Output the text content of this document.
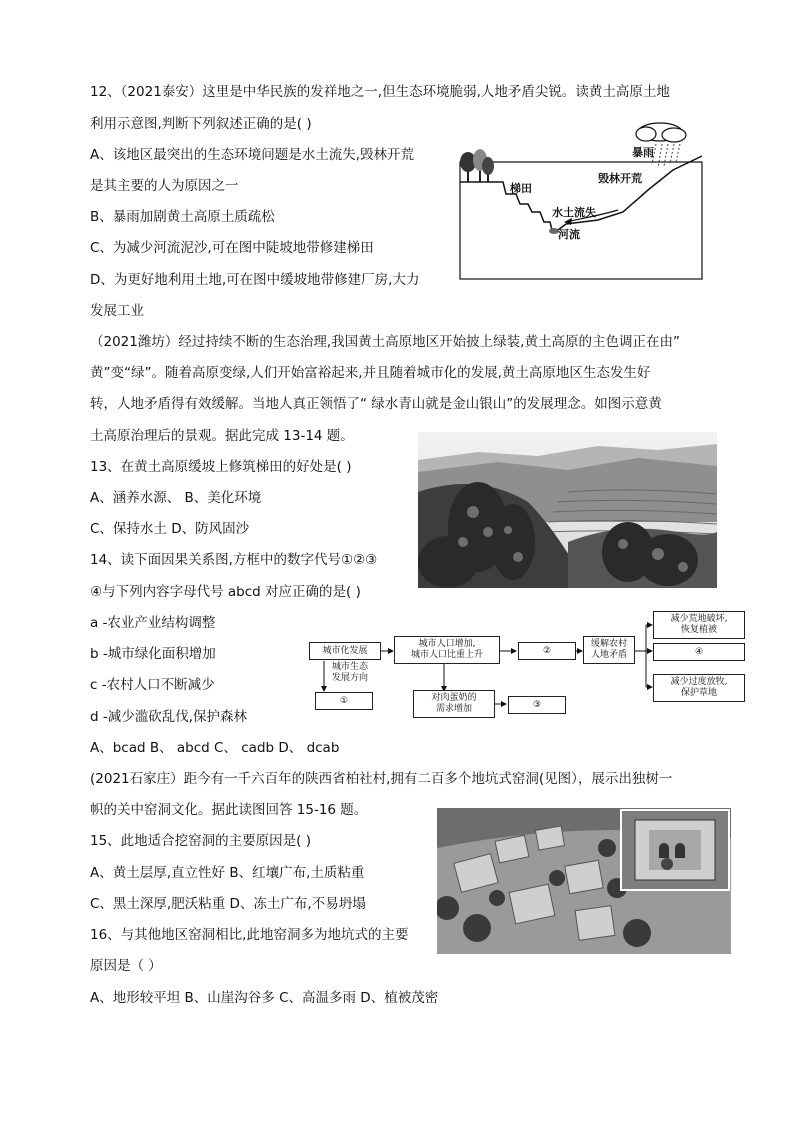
12、（2021泰安）这里是中华民族的发祥地之一,但生态环境脆弱,人地矛盾尖锐。读黄土高原土地
利用示意图,判断下列叙述正确的是( )
A、该地区最突出的生态环境问题是水土流失,毁林开荒
是其主要的人为原因之一
B、暴雨加剧黄土高原土质疏松
C、为减少河流泥沙,可在图中陡坡地带修建梯田
D、为更好地利用土地,可在图中缓坡地带修建厂房,大力
发展工业
暴雨
毁林开荒
梯田
水土流失
河流
（2021潍坊）经过持续不断的生态治理,我国黄土高原地区开始披上绿装,黄土高原的主色调正在由”
黄”变“绿”。随着高原变绿,人们开始富裕起来,并且随着城市化的发展,黄土高原地区生态发生好
转，人地矛盾得有效缓解。当地人真正领悟了“ 绿水青山就是金山银山”的发展理念。如图示意黄
土高原治理后的景观。据此完成 13-14 题。
13、在黄土高原缓坡上修筑梯田的好处是( )
A、涵养水源、 B、美化环境
C、保持水土 D、防风固沙
14、读下面因果关系图,方框中的数字代号①②③
④与下列内容字母代号 abcd 对应正确的是( )
a -农业产业结构调整
b -城市绿化面积增加
c -农村人口不断减少
d -减少滥砍乱伐,保护森林
城市化发展
城市人口增加,
城市人口比重上升	②
缓解农村
人地矛盾
减少荒地破坏,
恢复植被
④
减少过度放牧,
保护草地
城市生态
发展方向
①	对肉蛋奶的
需求增加	③
A、bcad B、 abcd C、 cadb D、 dcab
(2021石家庄）距今有一千六百年的陕西省柏社村,拥有二百多个地坑式窑洞(见图），展示出独树一
帜的关中窑洞文化。据此读图回答 15-16 题。
15、此地适合挖窑洞的主要原因是( )
A、黄土层厚,直立性好 B、红壤广布,土质粘重
C、黑土深厚,肥沃粘重 D、冻土广布,不易坍塌
16、与其他地区窑洞相比,此地窑洞多为地坑式的主要
原因是（ ）
A、地形较平坦 B、山崖沟谷多 C、高温多雨 D、植被茂密
